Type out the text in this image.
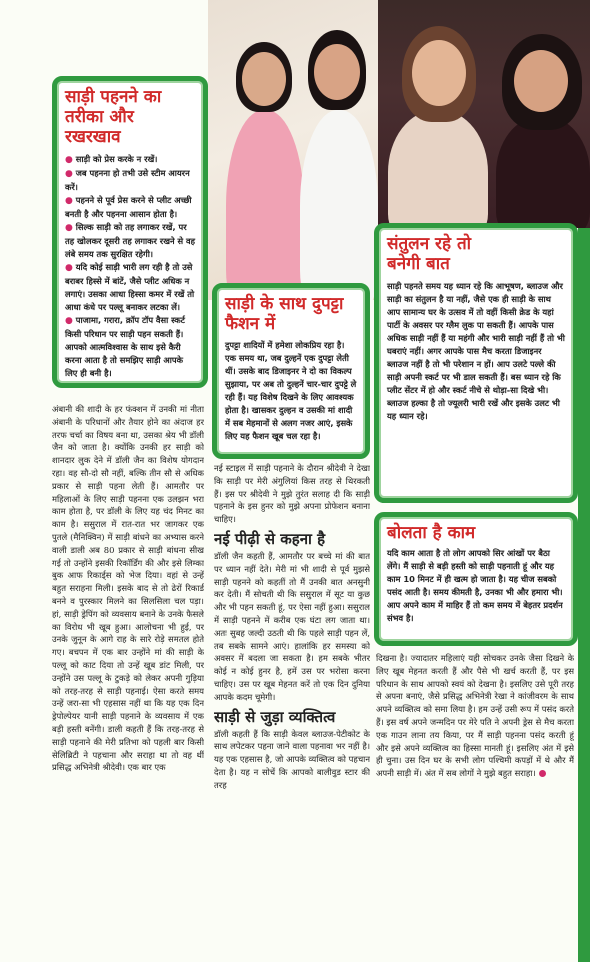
साड़ी पहनने का तरीका और रखरखाव

● साड़ी को प्रेस करके न रखें।

● जब पहनना हो तभी उसे स्टीम आयरन करें।

● पहनने से पूर्व प्रेस करने से प्लीट अच्छी बनती है और पहनना आसान होता है।

● सिल्क साड़ी को तह लगाकर रखें, पर तह खोलकर दूसरी तह लगाकर रखने से वह लंबे समय तक सुरक्षित रहेगी।

● यदि कोई साड़ी भारी लग रही है तो उसे बराबर हिस्से में बांटें, जैसे प्लीट अधिक न लगाएं। उसका आधा हिस्सा कमर में रखें तो आधा कंधे पर पल्लू बनाकर लटका लें।

● पाजामा, गरारा, क्रॉप टॉप वैसा स्कर्ट किसी परिधान पर साड़ी पहन सकती हैं। आपको आत्मविश्वास के साथ इसे कैरी करना आता है तो समझिए साड़ी आपके लिए ही बनी है।

साड़ी के साथ दुपट्टा फैशन में
दुपट्टा शादियों में हमेशा लोकप्रिय रहा है। एक समय था, जब दुल्हनें एक दुपट्टा लेती थीं। उसके बाद डिजाइनर ने दो का विकल्प सुझाया, पर अब तो दुल्हनें चार-चार दुपट्टे ले रही हैं। यह विशेष दिखने के लिए आवश्यक होता है। खासकर दुल्हन व उसकी मां शादी में सब मेहमानों से अलग नजर आएं, इसके लिए यह फैशन खूब चल रहा है।
संतुलन रहे तो बनेगी बात
साड़ी पहनते समय यह ध्यान रहे कि आभूषण, ब्लाउज और साड़ी का संतुलन है या नहीं, जैसे एक ही साड़ी के साथ आप सामान्य घर के उत्सव में तो वहीं किसी क्रेड के यहां पार्टी के अवसर पर ग्लैम लुक पा सकती हैं। आपके पास अधिक साड़ी नहीं हैं या महंगी और भारी साड़ी नहीं हैं तो भी घबराएं नहीं। अगर आपके पास मैच करता डिजाइनर ब्लाउज नहीं है तो भी परेशान न हों। आप उलटे पल्ले की साड़ी अपनी स्कर्ट पर भी डाल सकती हैं। बस ध्यान रहे कि प्लीट सेंटर में हो और स्कर्ट नीचे से थोड़ा-सा दिखे भी। ब्लाउज हल्का है तो ज्यूलरी भारी रखें और इसके उलट भी यह ध्यान रहे।
बोलता है काम
यदि काम आता है तो लोग आपको सिर आंखों पर बैठा लेंगे। मैं साड़ी से बड़ी हस्ती को साड़ी पहनाती हूं और यह काम 10 मिनट में ही खत्म हो जाता है। यह चीज सबको पसंद आती है। समय कीमती है, उनका भी और हमारा भी। आप अपने काम में माहिर हैं तो कम समय में बेहतर प्रदर्शन संभव है।

अंबानी की शादी के हर फंक्शन में उनकी मां नीता अंबानी के परिधानों और तैयार होने का अंदाज हर तरफ चर्चा का विषय बना था, उसका श्रेय भी डॉली जैन को जाता है। क्योंकि उनकी हर साड़ी को शानदार लुक देने में डॉली जैन का विशेष योगदान रहा। वह सौ-दो सौ नहीं, बल्कि तीन सौ से अधिक प्रकार से साड़ी पहना लेती हैं। आमतौर पर महिलाओं के लिए साड़ी पहनना एक उलझन भरा काम होता है, पर डॉली के लिए यह चंद मिनट का काम है। ससुराल में रात-रात भर जागकर एक पुतले (मैनिक्विन) में साड़ी बांधने का अभ्यास करने वाली डाली अब 80 प्रकार से साड़ी बांधना सीख गई तो उन्होंने इसकी रिकॉर्डिंग की और इसे लिम्का बुक आफ रिकार्ड्स को भेज दिया। वहां से उन्हें बहुत सराहना मिली। इसके बाद से तो ढेरों रिकार्ड बनने व पुरस्कार मिलने का सिलसिला चल पड़ा। हां, साड़ी ड्रेपिंग को व्यवसाय बनाने के उनके फैसले का विरोध भी खूब हुआ। आलोचना भी हुई, पर उनके जुनून के आगे राह के सारे रोड़े समतल होते गए। बचपन में एक बार उन्होंने मां की साड़ी के पल्लू को काट दिया तो उन्हें खूब डांट मिली, पर उन्होंने उस पल्लू के टुकड़े को लेकर अपनी गुड़िया को तरह-तरह से साड़ी पहनाई। ऐसा करते समय उन्हें जरा-सा भी एहसास नहीं था कि यह एक दिन ड्रेपोल्पेयर यानी साड़ी पहनाने के व्यवसाय में एक बड़ी हस्ती बनेंगी। डाली कहती हैं कि तरह-तरह से साड़ी पहनाने की मेरी प्रतिभा को पहली बार किसी सेलिब्रिटी ने पहचाना और सराहा था तो वह थीं प्रसिद्ध अभिनेत्री श्रीदेवी। एक बार एक

नई स्टाइल में साड़ी पहनाने के दौरान श्रीदेवी ने देखा कि साड़ी पर मेरी अंगुलियां किस तरह से थिरकती हैं। इस पर श्रीदेवी ने मुझे तुरंत सलाह दी कि साड़ी पहनाने के इस हुनर को मुझे अपना प्रोफेशन बनाना चाहिए।

नई पीढ़ी से कहना है

डॉली जैन कहती हैं, आमतौर पर बच्चे मां की बात पर ध्यान नहीं देते। मेरी मां भी शादी से पूर्व मुझसे साड़ी पहनने को कहतीं तो मैं उनकी बात अनसुनी कर देती। मैं सोचती थी कि ससुराल में सूट या कुछ और भी पहन सकती हूं, पर ऐसा नहीं हुआ। ससुराल में साड़ी पहनने में करीब एक घंटा लग जाता था। अतः सुबह जल्दी उठती थी कि पहले साड़ी पहन लें, तब सबके सामने आएं। हालांकि हर समस्या को अवसर में बदला जा सकता है। हम सबके भीतर कोई न कोई हुनर है, हमें उस पर भरोसा करना चाहिए। उस पर खूब मेहनत करें तो एक दिन दुनिया आपके कदम चूमेगी।

साड़ी से जुड़ा व्यक्तित्व

डॉली कहती हैं कि साड़ी केवल ब्लाउज-पेटीकोट के साथ लपेटकर पहना जाने वाला पहनावा भर नहीं है। यह एक एहसास है, जो आपके व्यक्तित्व को पहचान देता है। यह न सोचें कि आपको बालीवुड स्टार की तरह

दिखना है। ज्यादातर महिलाएं यही सोचकर उनके जैसा दिखने के लिए खूब मेहनत करती हैं और पैसे भी खर्च करती हैं, पर इस परिधान के साथ आपको स्वयं को देखना है। इसलिए उसे पूरी तरह से अपना बनाएं, जैसे प्रसिद्ध अभिनेत्री रेखा ने कांजीवरम के साथ अपने व्यक्तित्व को समा लिया है। हम उन्हें उसी रूप में पसंद करते हैं। इस वर्ष अपने जन्मदिन पर मेरे पति ने अपनी ड्रेस से मैच करता एक गाउन लाना तय किया, पर मैं साड़ी पहनना पसंद करती हूं और इसे अपने व्यक्तित्व का हिस्सा मानती हूं। इसलिए अंत में इसे ही चुना। उस दिन घर के सभी लोग पश्चिमी कपड़ों में थे और मैं अपनी साड़ी में। अंत में सब लोगों ने मुझे बहुत सराहा।
